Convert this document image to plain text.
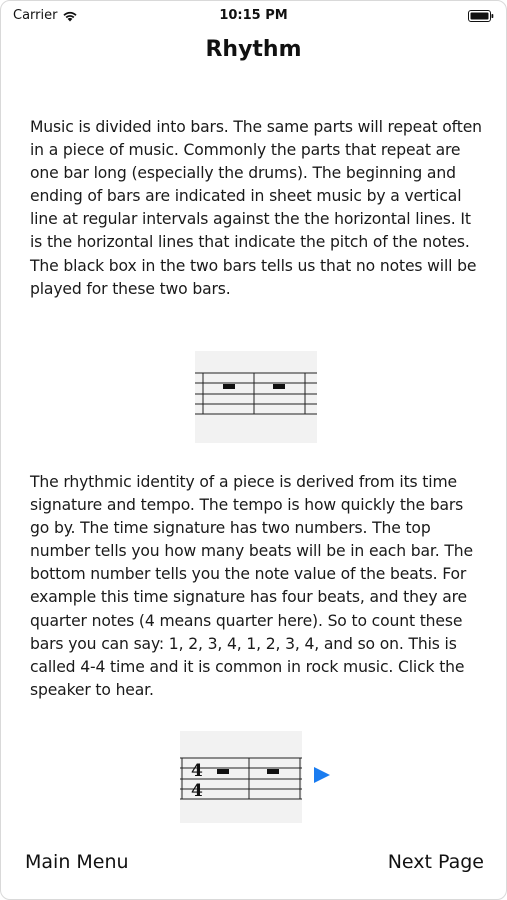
Carrier	10:15 PM
Rhythm

Music is divided into bars. The same parts will repeat often in a piece of music. Commonly the parts that repeat are one bar long (especially the drums). The beginning and ending of bars are indicated in sheet music by a vertical line at regular intervals against the the horizontal lines. It is the horizontal lines that indicate the pitch of the notes. The black box in the two bars tells us that no notes will be played for these two bars.

The rhythmic identity of a piece is derived from its time signature and tempo. The tempo is how quickly the bars go by. The time signature has two numbers. The top number tells you how many beats will be in each bar. The bottom number tells you the note value of the beats. For example this time signature has four beats, and they are quarter notes (4 means quarter here). So to count these bars you can say: 1, 2, 3, 4, 1, 2, 3, 4, and so on. This is called 4-4 time and it is common in rock music. Click the speaker to hear.

4
4
Main Menu	Next Page
